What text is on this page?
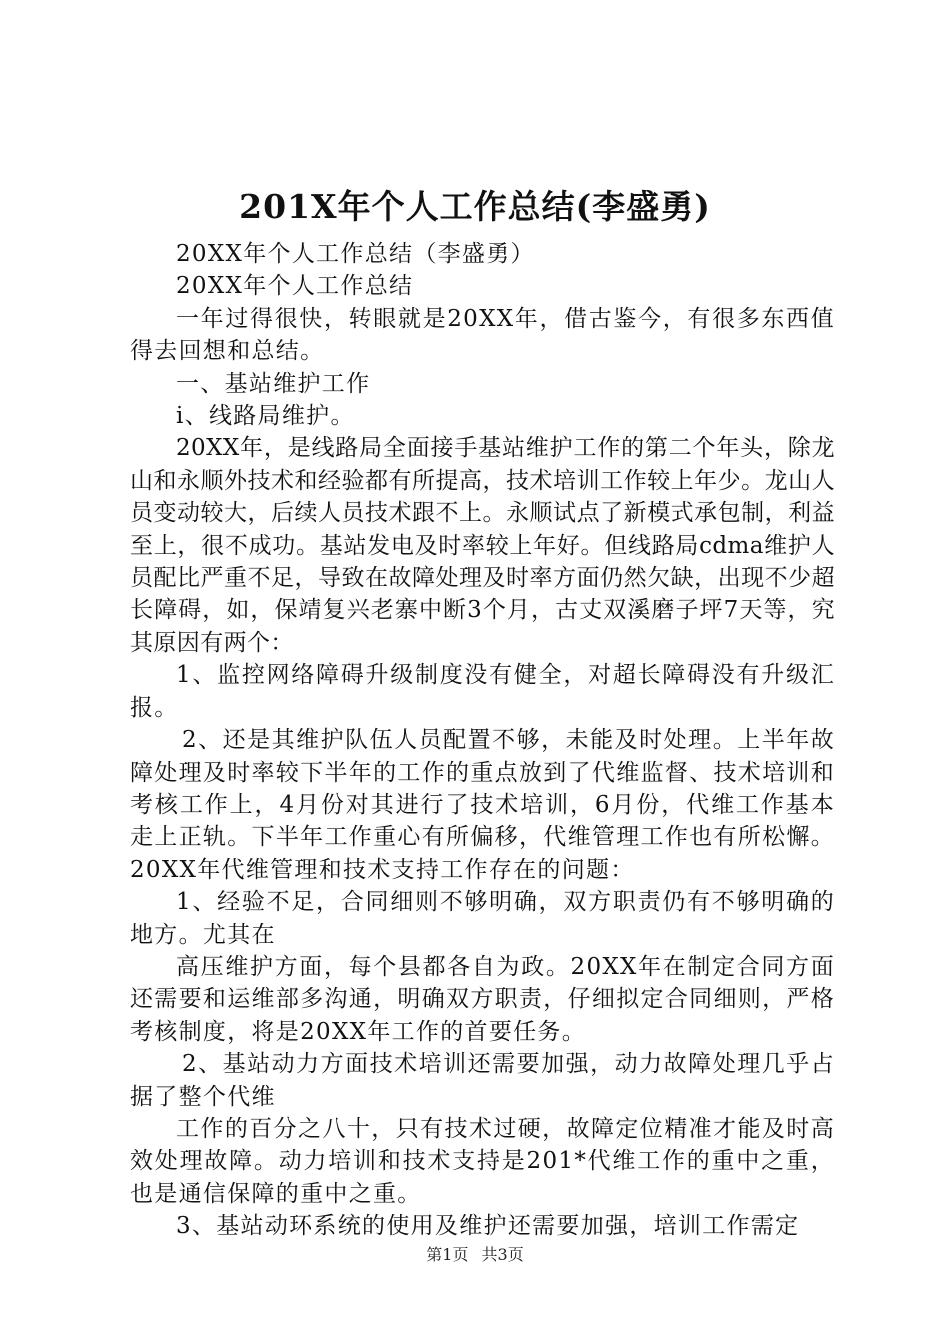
201X年个人工作总结(李盛勇)

20XX年个人工作总结（李盛勇）

20XX年个人工作总结

一年过得很快，转眼就是20XX年，借古鉴今，有很多东西值得去回想和总结。

一、基站维护工作

i、线路局维护。

20XX年，是线路局全面接手基站维护工作的第二个年头，除龙山和永顺外技术和经验都有所提高，技术培训工作较上年少。龙山人员变动较大，后续人员技术跟不上。永顺试点了新模式承包制，利益至上，很不成功。基站发电及时率较上年好。但线路局cdma维护人员配比严重不足，导致在故障处理及时率方面仍然欠缺，出现不少超长障碍，如，保靖复兴老寨中断3个月，古丈双溪磨子坪7天等，究其原因有两个：

1、监控网络障碍升级制度没有健全，对超长障碍没有升级汇报。

2、还是其维护队伍人员配置不够，未能及时处理。上半年故障处理及时率较下半年的工作的重点放到了代维监督、技术培训和考核工作上，4月份对其进行了技术培训，6月份，代维工作基本走上正轨。下半年工作重心有所偏移，代维管理工作也有所松懈。20XX年代维管理和技术支持工作存在的问题：

1、经验不足，合同细则不够明确，双方职责仍有不够明确的地方。尤其在

高压维护方面，每个县都各自为政。20XX年在制定合同方面还需要和运维部多沟通，明确双方职责，仔细拟定合同细则，严格考核制度，将是20XX年工作的首要任务。

2、基站动力方面技术培训还需要加强，动力故障处理几乎占据了整个代维

工作的百分之八十，只有技术过硬，故障定位精准才能及时高效处理故障。动力培训和技术支持是201*代维工作的重中之重，也是通信保障的重中之重。

3、基站动环系统的使用及维护还需要加强，培训工作需定

第1页 共3页
